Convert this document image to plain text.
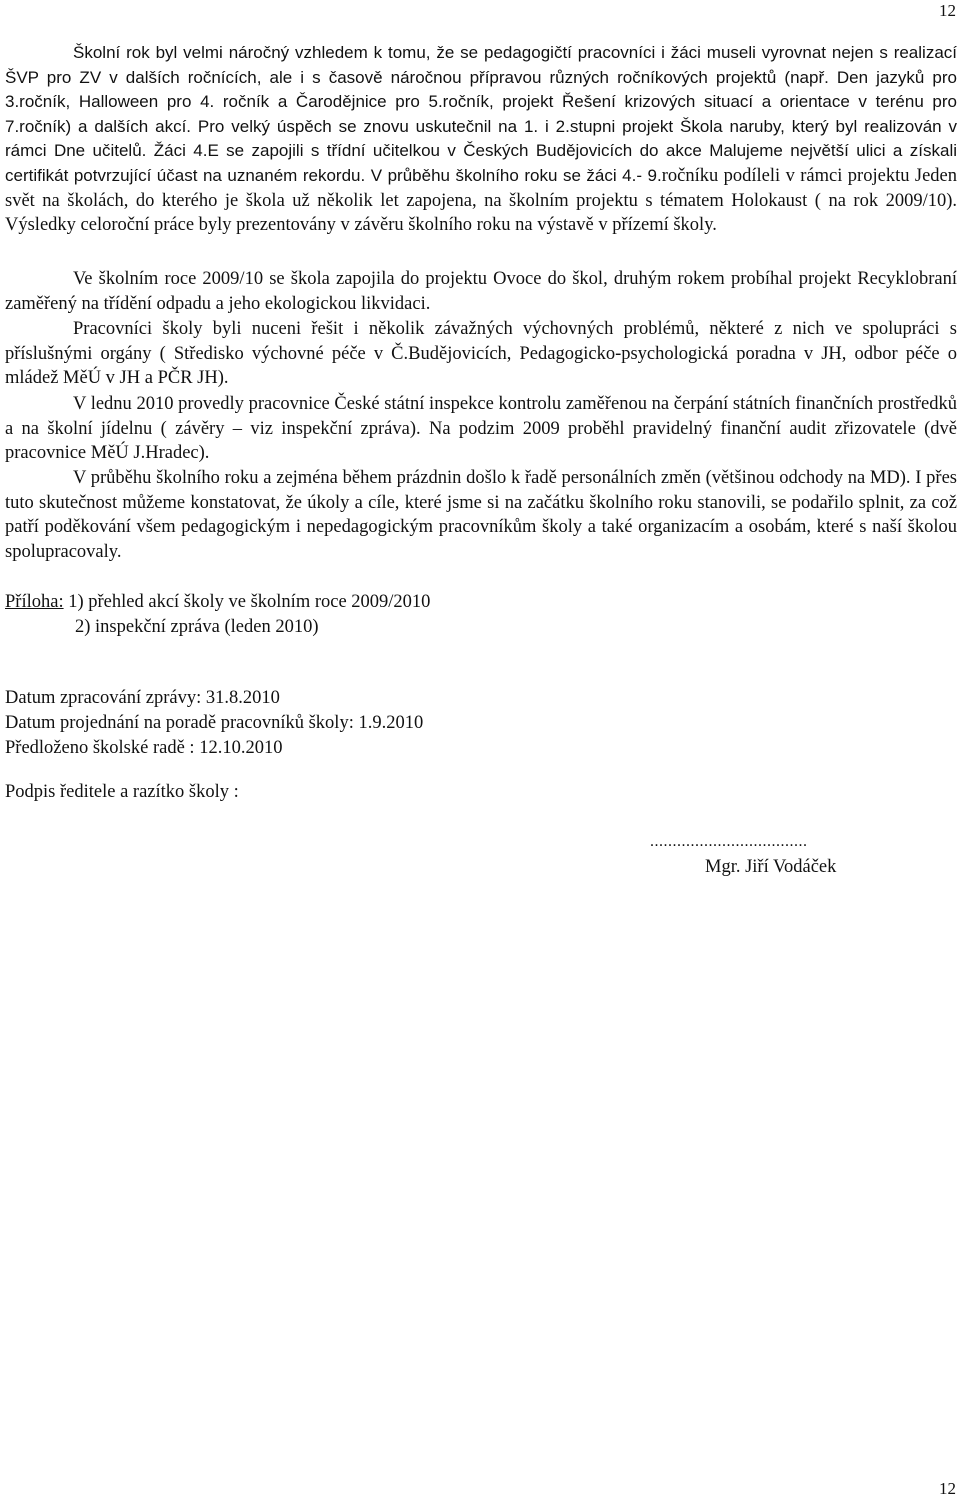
12
Školní rok byl velmi náročný vzhledem k tomu, že se pedagogičtí pracovníci i žáci museli vyrovnat nejen s realizací ŠVP pro ZV v dalších ročnících, ale i s časově náročnou přípravou různých ročníkových projektů (např. Den jazyků pro 3.ročník, Halloween pro 4. ročník a Čarodějnice pro 5.ročník, projekt Řešení krizových situací a orientace v terénu pro 7.ročník) a dalších akcí. Pro velký úspěch se znovu uskutečnil na 1. i 2.stupni projekt Škola naruby, který byl realizován v rámci Dne učitelů. Žáci 4.E se zapojili s třídní učitelkou v Českých Budějovicích do akce Malujeme největší ulici a získali certifikát potvrzující účast na uznaném rekordu. V průběhu školního roku se žáci 4.- 9.ročníku podíleli v rámci projektu Jeden svět na školách, do kterého je škola už několik let zapojena, na školním projektu s tématem Holokaust ( na rok 2009/10). Výsledky celoroční práce byly prezentovány v závěru školního roku na výstavě v přízemí školy.
Ve školním roce 2009/10 se škola zapojila do projektu Ovoce do škol, druhým rokem probíhal projekt Recyklobraní zaměřený na třídění odpadu a jeho ekologickou likvidaci.
Pracovníci školy byli nuceni řešit i několik závažných výchovných problémů, některé z nich ve spolupráci s příslušnými orgány ( Středisko výchovné péče v Č.Budějovicích, Pedagogicko-psychologická poradna v JH, odbor péče o mládež MěÚ v JH a PČR JH).
V lednu 2010 provedly pracovnice České státní inspekce kontrolu zaměřenou na čerpání státních finančních prostředků a na školní jídelnu ( závěry – viz inspekční zpráva). Na podzim 2009 proběhl pravidelný finanční audit zřizovatele (dvě pracovnice MěÚ J.Hradec).
V průběhu školního roku a zejména během prázdnin došlo k řadě personálních změn (většinou odchody na MD). I přes tuto skutečnost můžeme konstatovat, že úkoly a cíle, které jsme si na začátku školního roku stanovili, se podařilo splnit, za což patří poděkování všem pedagogickým i nepedagogickým pracovníkům školy a také organizacím a osobám, které s naší školou spolupracovaly.
Příloha: 1) přehled akcí školy ve školním roce 2009/2010
2) inspekční zpráva (leden 2010)
Datum zpracování zprávy: 31.8.2010
Datum projednání na poradě pracovníků školy: 1.9.2010
Předloženo školské radě : 12.10.2010
Podpis ředitele a razítko školy :
...................................
Mgr. Jiří Vodáček
12
